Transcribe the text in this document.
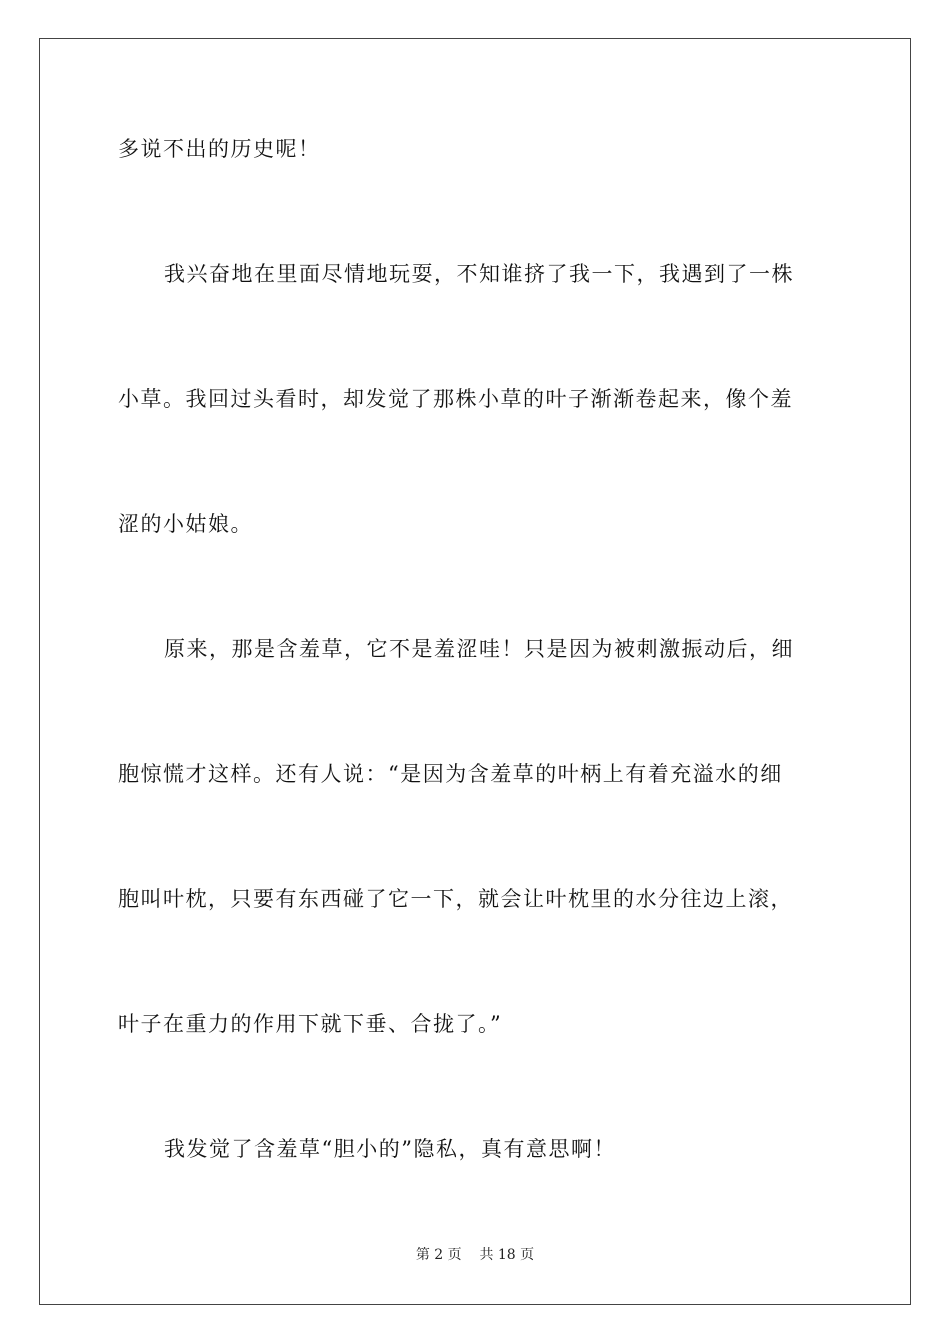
多说不出的历史呢！

我兴奋地在里面尽情地玩耍，不知谁挤了我一下，我遇到了一株

小草。我回过头看时，却发觉了那株小草的叶子渐渐卷起来，像个羞

涩的小姑娘。

原来，那是含羞草，它不是羞涩哇！只是因为被刺激振动后，细

胞惊慌才这样。还有人说：“是因为含羞草的叶柄上有着充溢水的细

胞叫叶枕，只要有东西碰了它一下，就会让叶枕里的水分往边上滚，

叶子在重力的作用下就下垂、合拢了。”

我发觉了含羞草“胆小的”隐私，真有意思啊！

第 2 页 共 18 页
